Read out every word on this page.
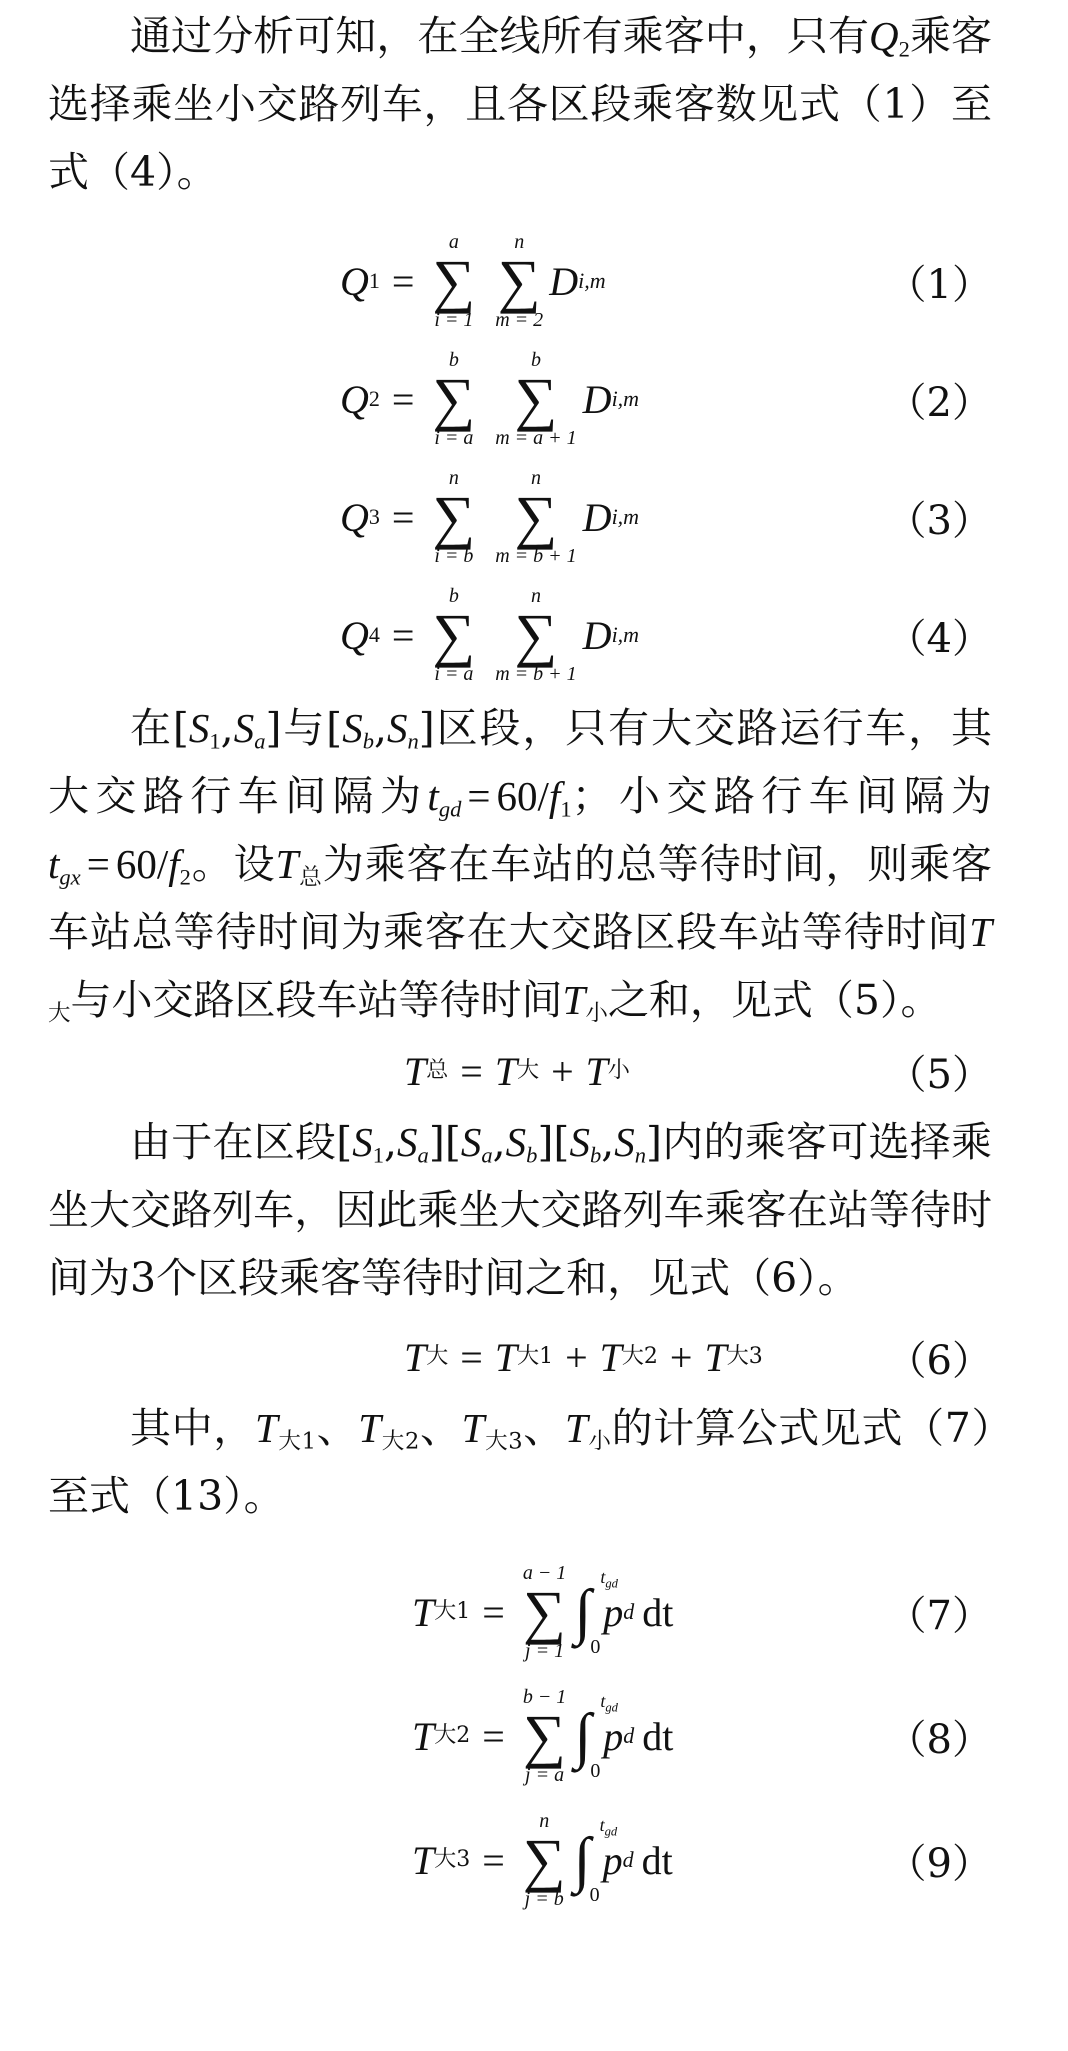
通过分析可知，在全线所有乘客中，只有$Q_2$乘客选择乘坐小交路列车，且各区段乘客数见式（1）至式（4）。

Q 1 =
a
∑
i = 1
n
∑
m = 2
D i,m	（1）
Q 2 =
b
∑
i = a
b
∑
m = a + 1
D i,m	（2）
Q 3 =
n
∑
i = b
n
∑
m = b + 1
D i,m	（3）
Q 4 =
b
∑
i = a
n
∑
m = b + 1
D i,m	（4）

在$[S_1,S_a]$与$[S_b,S_n]$区段，只有大交路运行车，其大交路行车间隔为$t_{gd} = 60/f_1$；小交路行车间隔为$t_{gx} = 60/f_2$。设$T_总$为乘客在车站的总等待时间，则乘客车站总等待时间为乘客在大交路区段车站等待时间$T_大$与小交路区段车站等待时间$T_小$之和，见式（5）。

T 总 = T 大 + T 小	（5）

由于在区段$[S_1,S_a][S_a,S_b][S_b,S_n]$内的乘客可选择乘坐大交路列车，因此乘坐大交路列车乘客在站等待时间为3个区段乘客等待时间之和，见式（6）。

T 大 = T 大1 + T 大2 + T 大3	（6）

其中，$T_{大1}$、$T_{大2}$、$T_{大3}$、$T_小$的计算公式见式（7）至式（13）。

T 大1 =
a − 1
∑
j = 1
∫
$t_{gd}$
0
p d dt	（7）
T 大2 =
b − 1
∑
j = a
∫
$t_{gd}$
0
p d dt	（8）
T 大3 =
n
∑
j = b
∫
$t_{gd}$
0
p d dt	（9）
